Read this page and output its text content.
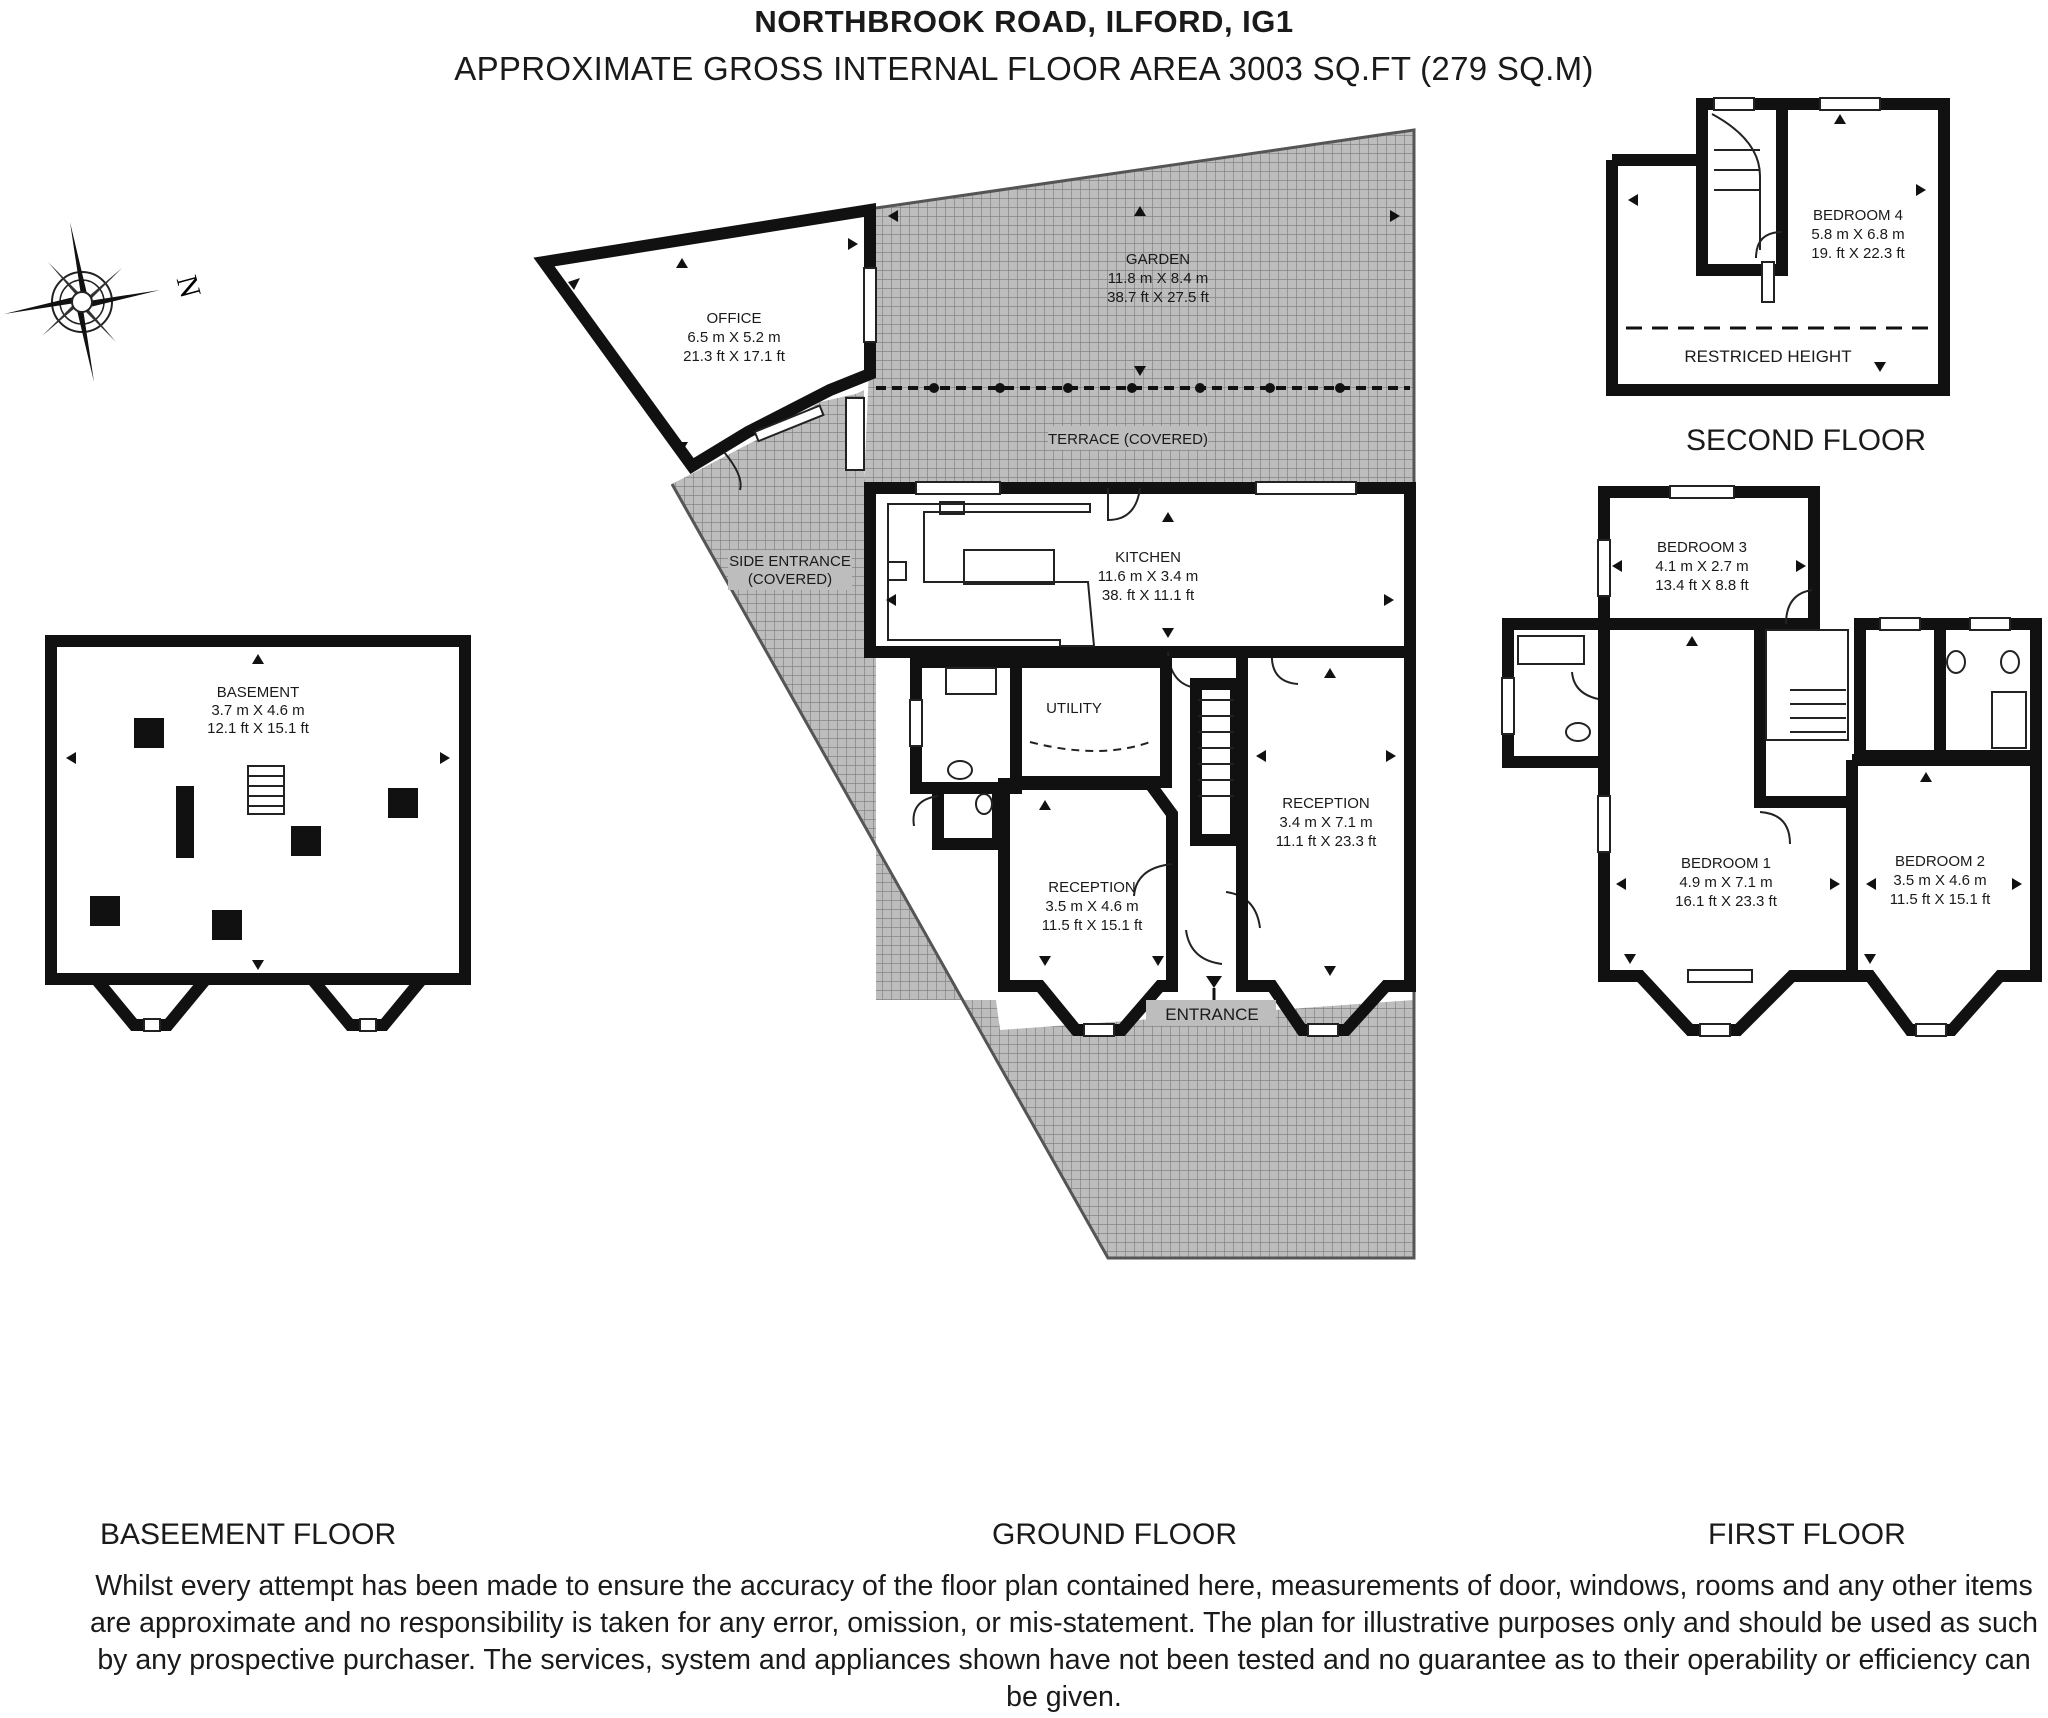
NORTHBROOK ROAD, ILFORD, IG1
APPROXIMATE GROSS INTERNAL FLOOR AREA 3003 SQ.FT (279 SQ.M)
N
BASEMENT
3.7 m X 4.6 m
12.1 ft X 15.1 ft
OFFICE
6.5 m X 5.2 m
21.3 ft X 17.1 ft
GARDEN
11.8 m X 8.4 m
38.7 ft X 27.5 ft
TERRACE (COVERED)
SIDE ENTRANCE
(COVERED)
KITCHEN
11.6 m X 3.4 m
38. ft X 11.1 ft
UTILITY
RECEPTION
3.5 m X 4.6 m
11.5 ft X 15.1 ft
RECEPTION
3.4 m X 7.1 m
11.1 ft X 23.3 ft
ENTRANCE
BEDROOM 3
4.1 m X 2.7 m
13.4 ft X 8.8 ft
BEDROOM 1
4.9 m X 7.1 m
16.1 ft X 23.3 ft
BEDROOM 2
3.5 m X 4.6 m
11.5 ft X 15.1 ft
BEDROOM 4
5.8 m X 6.8 m
19. ft X 22.3 ft
RESTRICED HEIGHT
SECOND FLOOR
BASEEMENT FLOOR	GROUND FLOOR	FIRST FLOOR
Whilst every attempt has been made to ensure the accuracy of the floor plan contained here, measurements of door, windows, rooms and any other items are approximate and no responsibility is taken for any error, omission, or mis-statement. The plan for illustrative purposes only and should be used as such by any prospective purchaser. The services, system and appliances shown have not been tested and no guarantee as to their operability or efficiency can be given.
